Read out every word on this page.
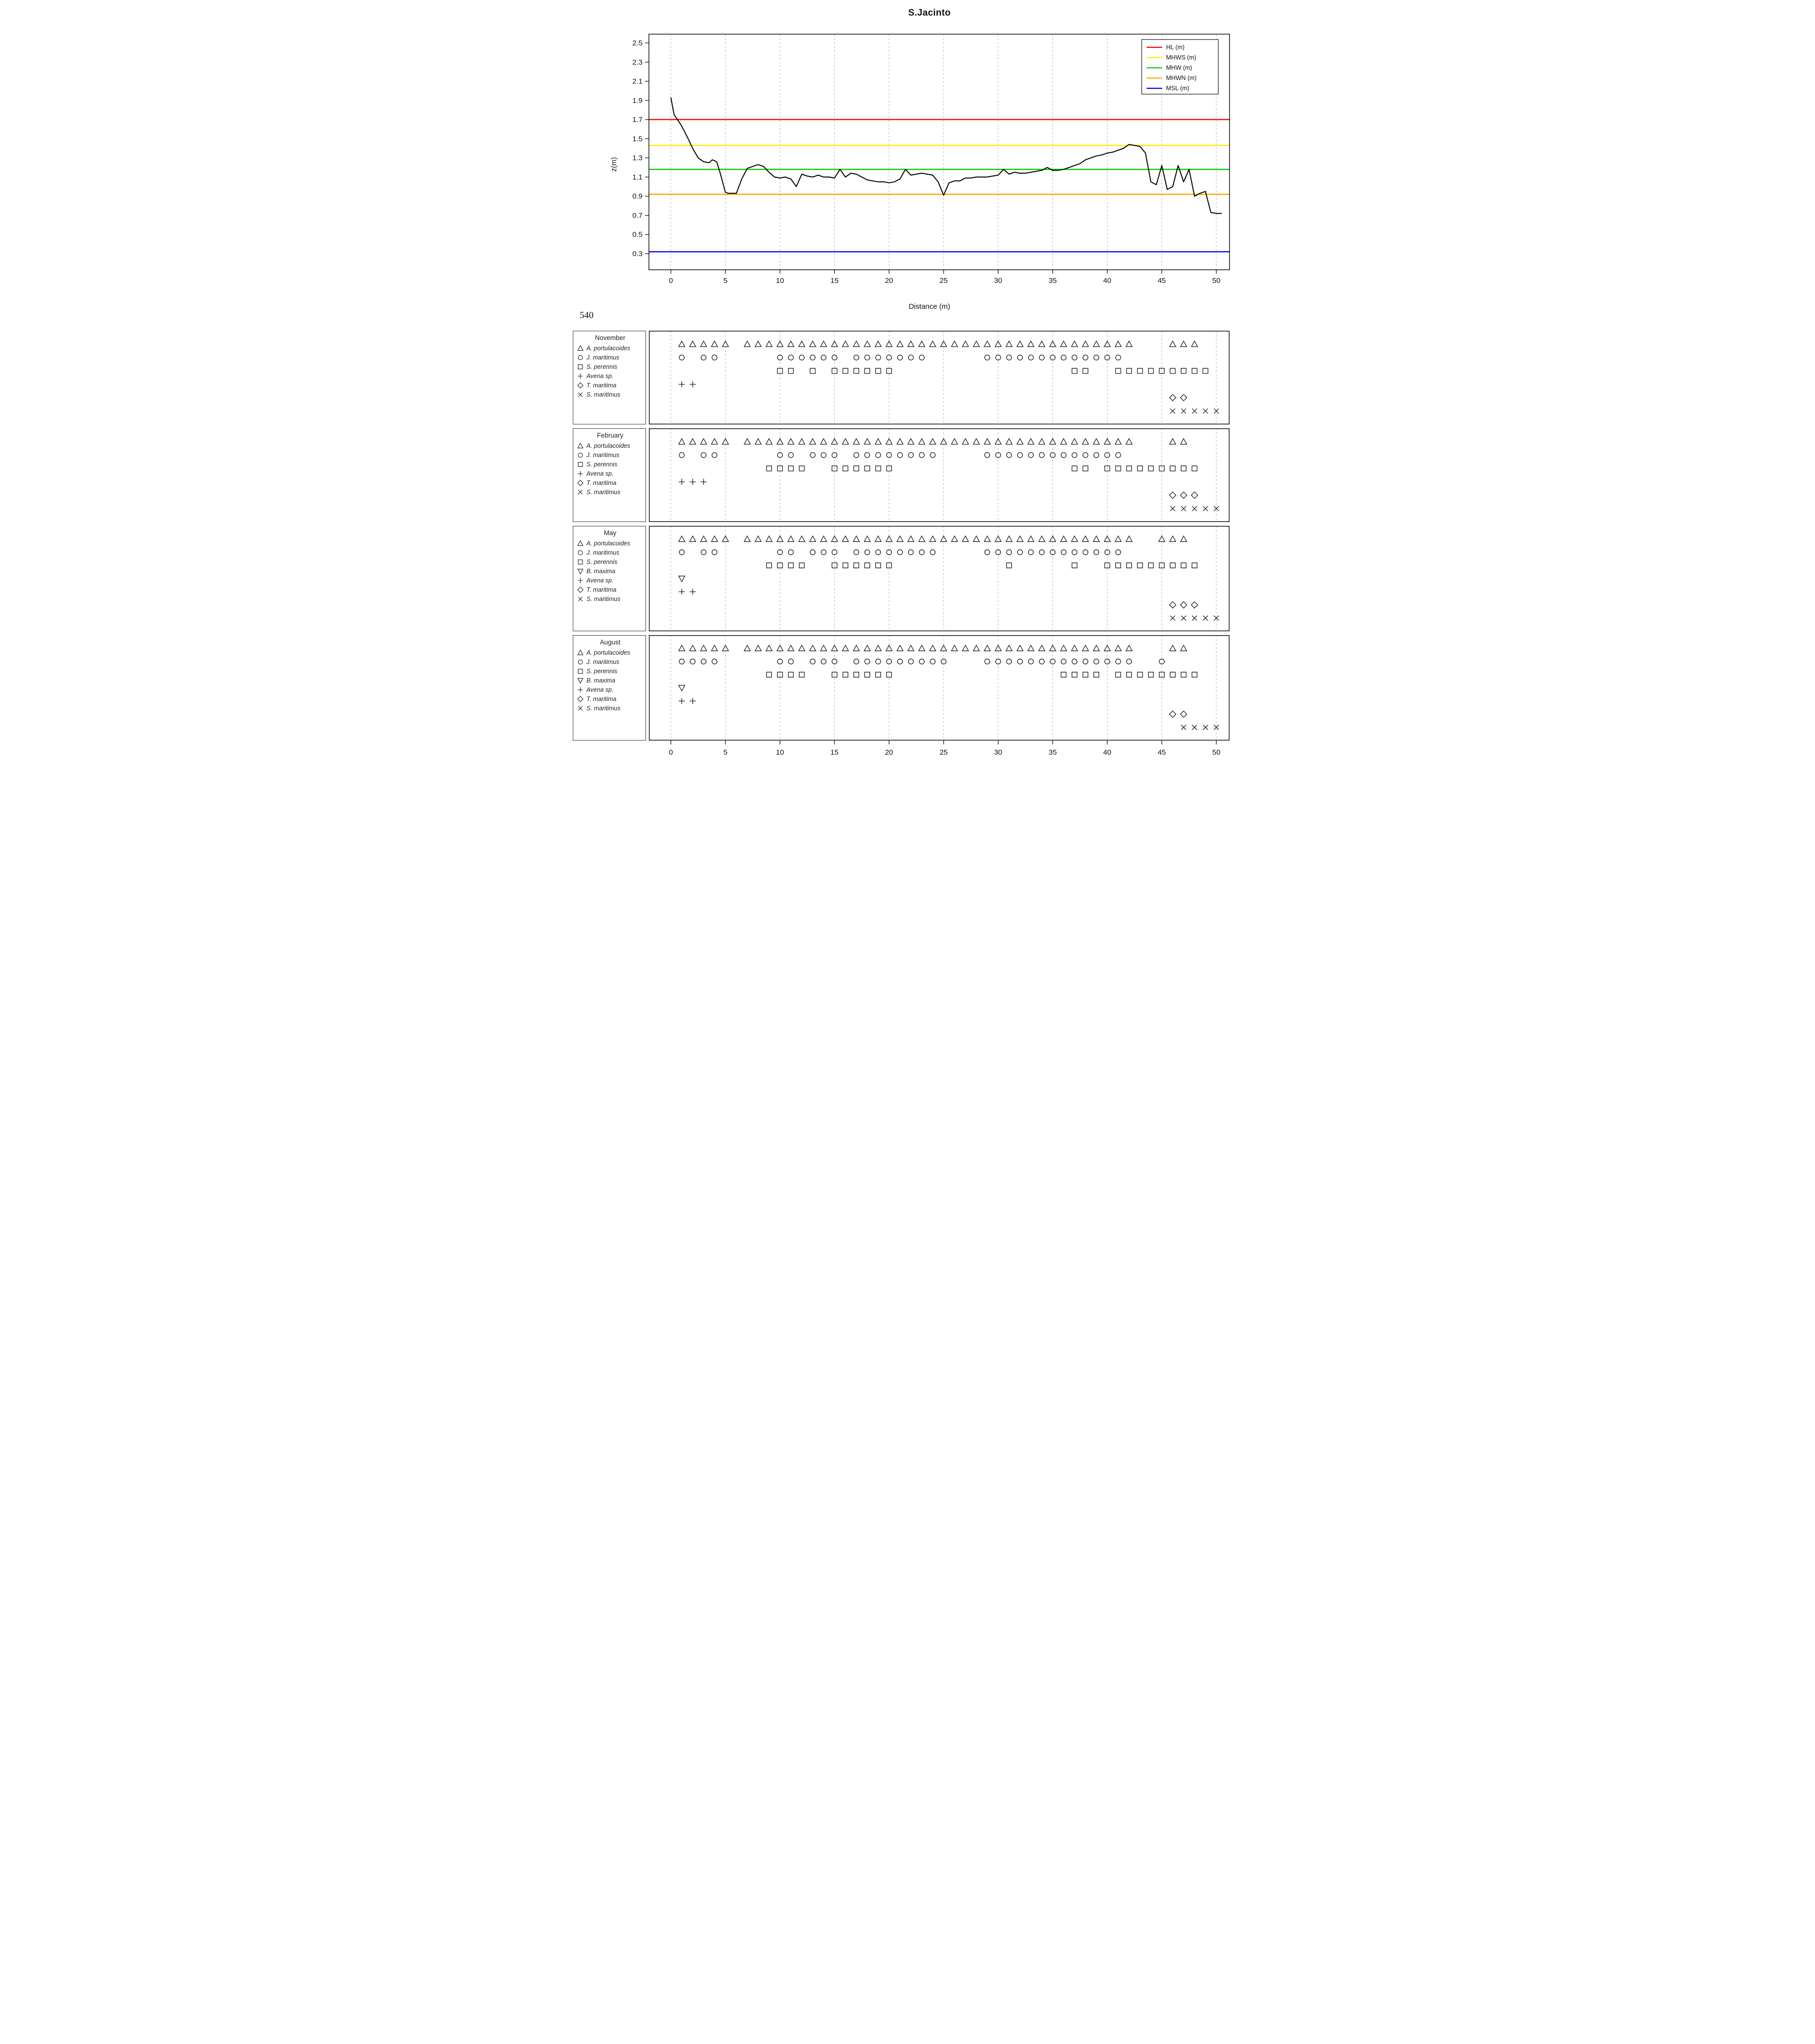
S.Jacinto
0.3
0.5
0.7
0.9
1.1
1.3
1.5
1.7
1.9
2.1
2.3
2.5
0	5	10	15	20	25	30	35	40	45	50
HL (m)
MHWS (m)
MHW (m)
MHWN (m)
MSL (m)
z(m)
Distance (m)
540
November
A. portulacoides
J. maritimus
S. perennis
Avena sp.
T. maritima
S. maritimus
February
A. portulacoides
J. maritimus
S. perennis
Avena sp.
T. maritima
S. maritimus
May
A. portulacoides
J. maritimus
S. perennis
B. maxima
Avena sp.
T. maritima
S. maritimus
August
A. portulacoides
J. maritimus
S. perennis
B. maxima
Avena sp.
T. maritima
S. maritimus
0	5	10	15	20	25	30	35	40	45	50
